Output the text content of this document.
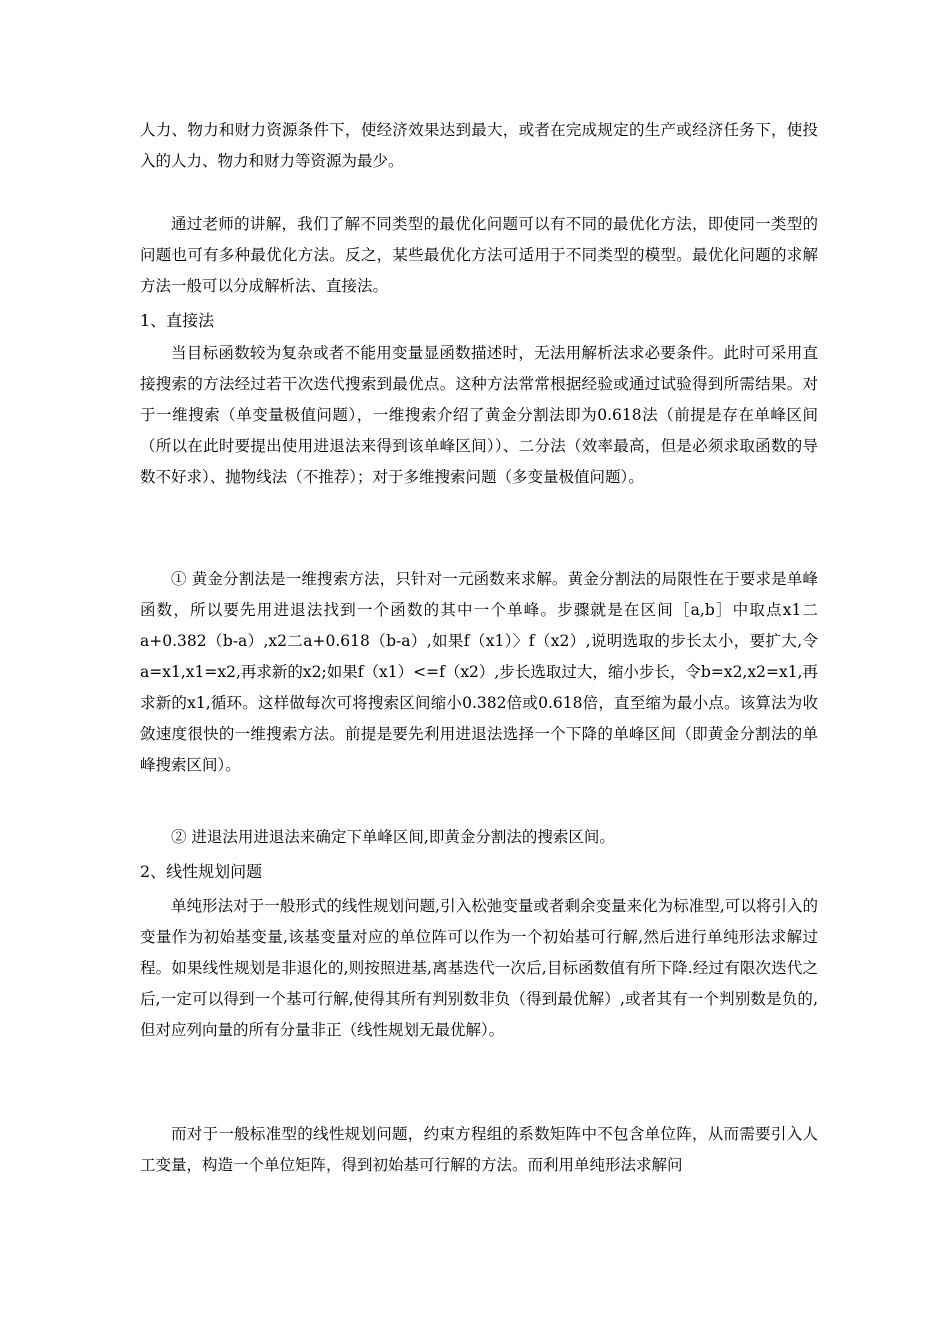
人力、物力和财力资源条件下，使经济效果达到最大，或者在完成规定的生产或经济任务下，使投入的人力、物力和财力等资源为最少。
通过老师的讲解，我们了解不同类型的最优化问题可以有不同的最优化方法，即使同一类型的问题也可有多种最优化方法。反之，某些最优化方法可适用于不同类型的模型。最优化问题的求解方法一般可以分成解析法、直接法。
1、直接法
当目标函数较为复杂或者不能用变量显函数描述时，无法用解析法求必要条件。此时可采用直接搜索的方法经过若干次迭代搜索到最优点。这种方法常常根据经验或通过试验得到所需结果。对于一维搜索（单变量极值问题），一维搜索介绍了黄金分割法即为0.618法（前提是存在单峰区间（所以在此时要提出使用进退法来得到该单峰区间））、二分法（效率最高，但是必须求取函数的导数不好求）、抛物线法（不推荐）；对于多维搜索问题（多变量极值问题）。
① 黄金分割法是一维搜索方法，只针对一元函数来求解。黄金分割法的局限性在于要求是单峰函数，所以要先用进退法找到一个函数的其中一个单峰。步骤就是在区间［a,b］中取点x1二a+0.382（b-a）,x2二a+0.618（b-a）,如果f（x1）〉f（x2）,说明选取的步长太小，要扩大,令a=x1,x1=x2,再求新的x2;如果f（x1）<=f（x2）,步长选取过大，缩小步长，令b=x2,x2=x1,再求新的x1,循环。这样做每次可将搜索区间缩小0.382倍或0.618倍，直至缩为最小点。该算法为收敛速度很快的一维搜索方法。前提是要先利用进退法选择一个下降的单峰区间（即黄金分割法的单峰搜索区间）。
② 进退法用进退法来确定下单峰区间,即黄金分割法的搜索区间。
2、线性规划问题
单纯形法对于一般形式的线性规划问题,引入松弛变量或者剩余变量来化为标准型,可以将引入的变量作为初始基变量,该基变量对应的单位阵可以作为一个初始基可行解,然后进行单纯形法求解过程。如果线性规划是非退化的,则按照进基,离基迭代一次后,目标函数值有所下降.经过有限次迭代之后,一定可以得到一个基可行解,使得其所有判别数非负（得到最优解）,或者其有一个判别数是负的,但对应列向量的所有分量非正（线性规划无最优解）。
而对于一般标准型的线性规划问题，约束方程组的系数矩阵中不包含单位阵，从而需要引入人工变量，构造一个单位矩阵，得到初始基可行解的方法。而利用单纯形法求解问
